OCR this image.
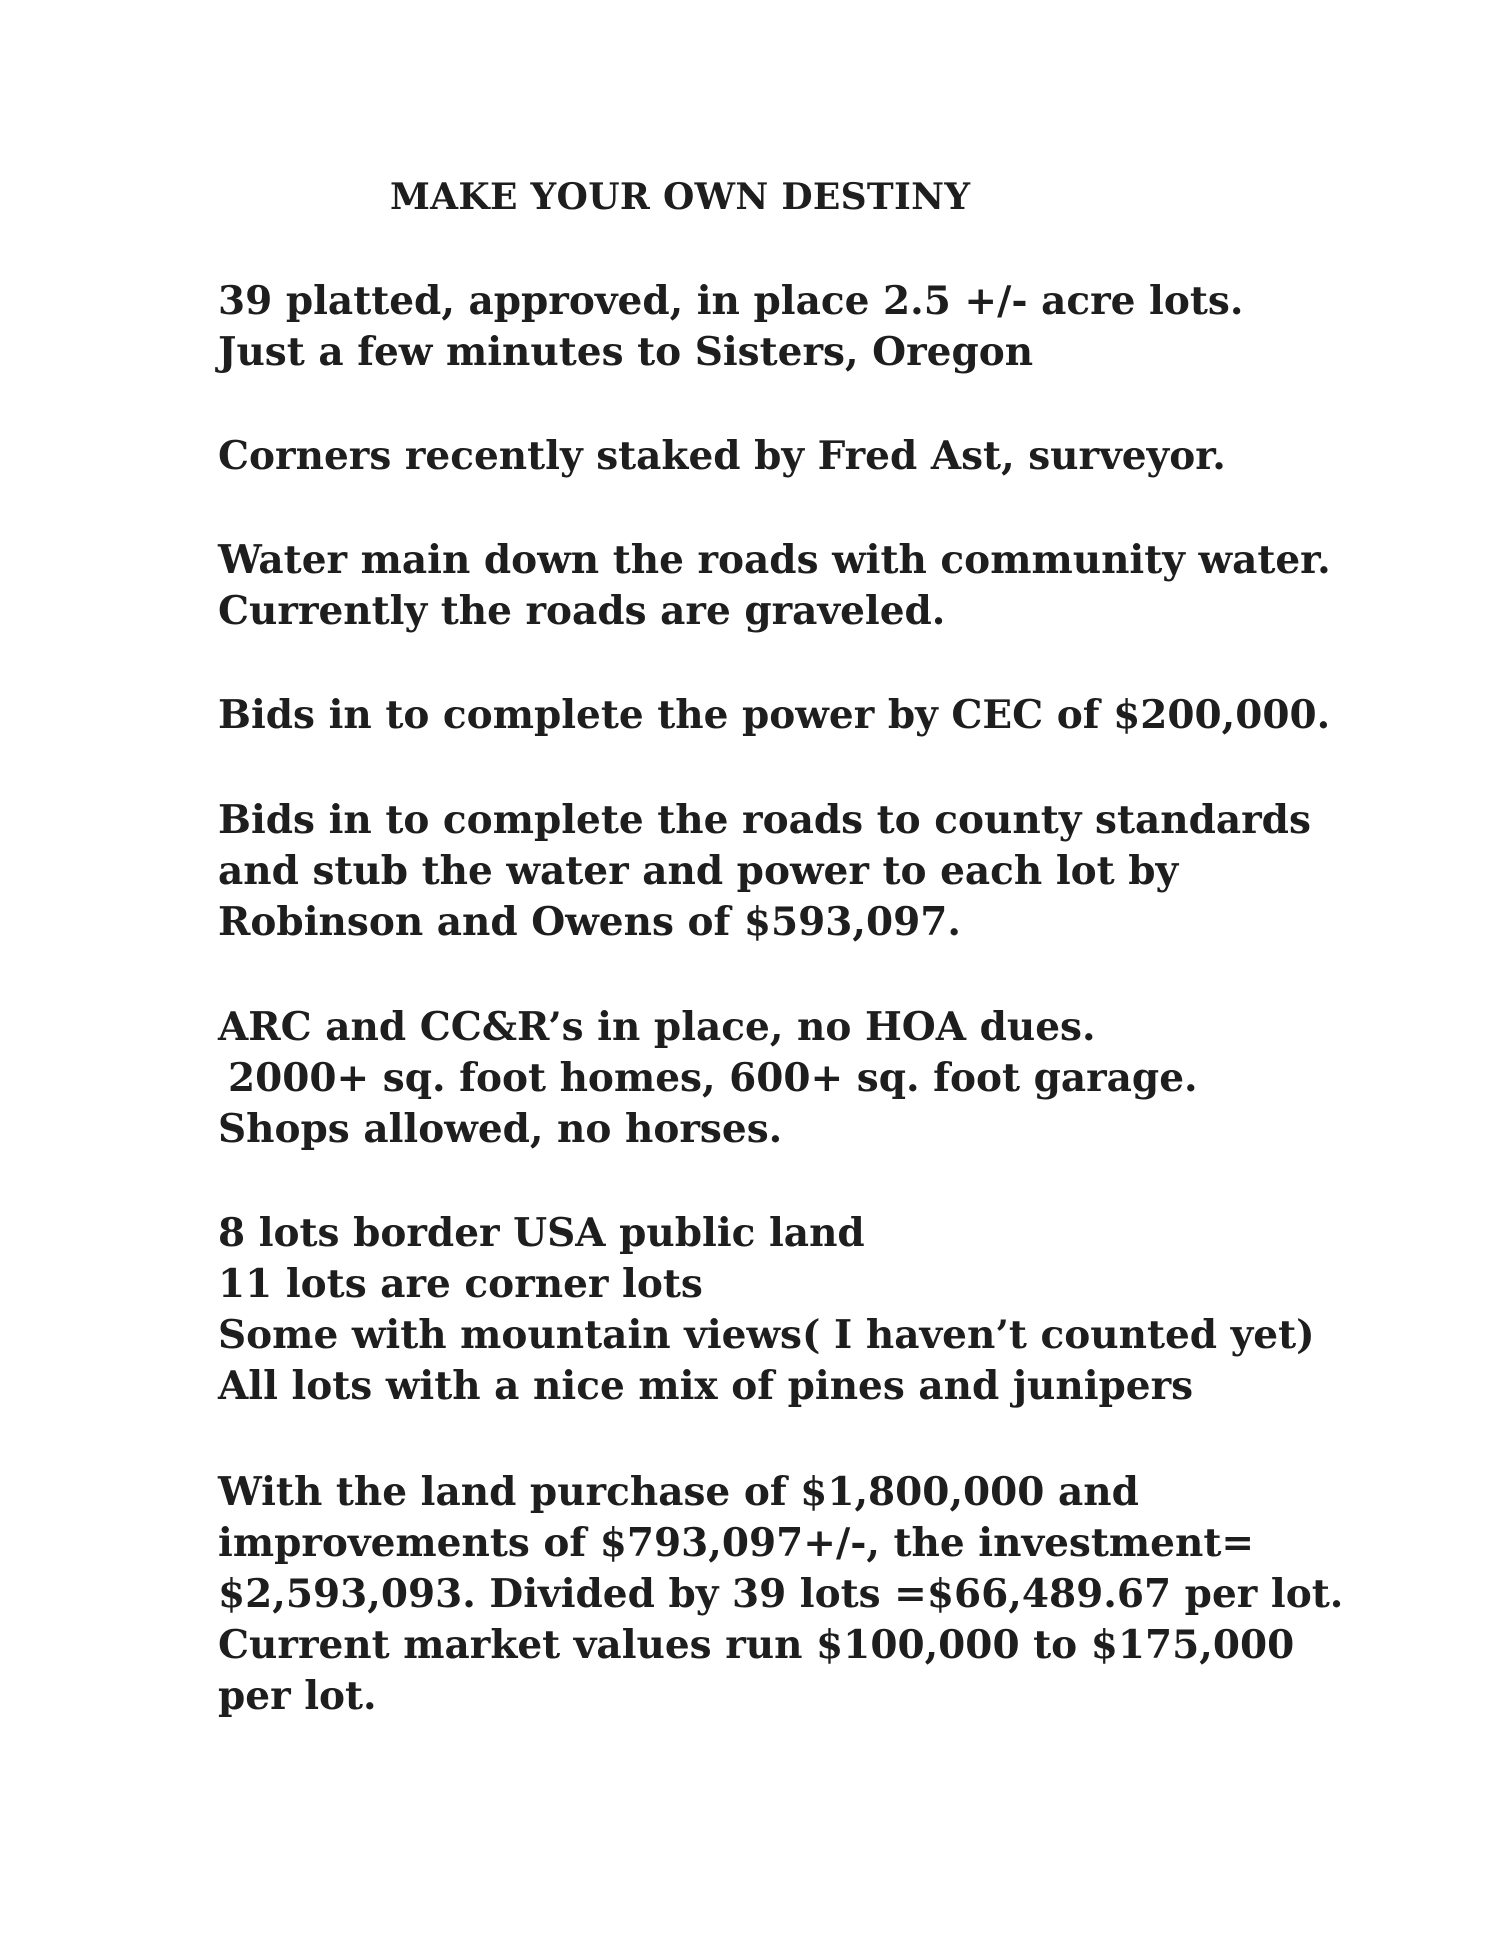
MAKE YOUR OWN DESTINY
39 platted, approved, in place 2.5 +/- acre lots.
Just a few minutes to Sisters, Oregon
Corners recently staked by Fred Ast, surveyor.
Water main down the roads with community water.
Currently the roads are graveled.
Bids in to complete the power by CEC of $200,000.
Bids in to complete the roads to county standards
and stub the water and power to each lot by
Robinson and Owens of $593,097.
ARC and CC&R’s in place, no HOA dues.
2000+ sq. foot homes, 600+ sq. foot garage.
Shops allowed, no horses.
8 lots border USA public land
11 lots are corner lots
Some with mountain views( I haven’t counted yet)
All lots with a nice mix of pines and junipers
With the land purchase of $1,800,000 and
improvements of $793,097+/-, the investment=
$2,593,093. Divided by 39 lots =$66,489.67 per lot.
Current market values run $100,000 to $175,000
per lot.
